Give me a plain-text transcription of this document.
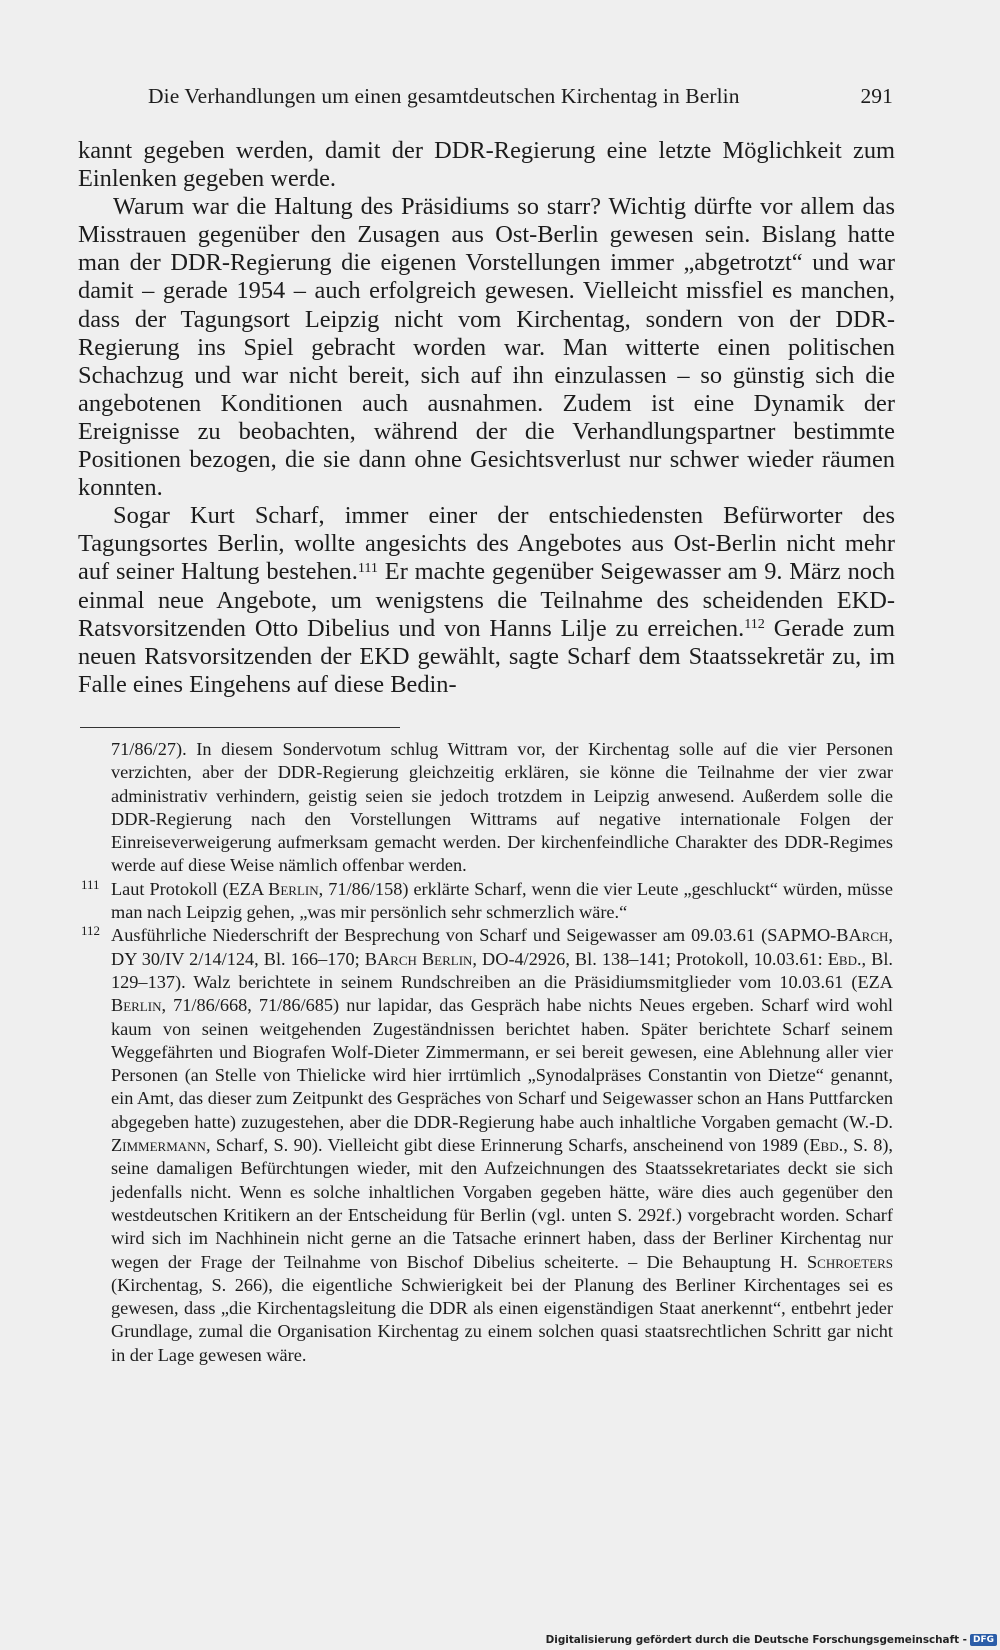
Die Verhandlungen um einen gesamtdeutschen Kirchentag in Berlin	291

kannt gegeben werden, damit der DDR-Regierung eine letzte Möglichkeit zum Einlenken gegeben werde.

Warum war die Haltung des Präsidiums so starr? Wichtig dürfte vor allem das Misstrauen gegenüber den Zusagen aus Ost-Berlin gewesen sein. Bislang hatte man der DDR-Regierung die eigenen Vorstellungen immer „abgetrotzt“ und war damit – gerade 1954 – auch erfolgreich gewesen. Vielleicht missfiel es manchen, dass der Tagungsort Leipzig nicht vom Kirchentag, sondern von der DDR-Regierung ins Spiel gebracht worden war. Man witterte einen politischen Schachzug und war nicht bereit, sich auf ihn einzulassen – so günstig sich die angebotenen Konditionen auch ausnahmen. Zudem ist eine Dynamik der Ereignisse zu beobachten, während der die Verhandlungspartner bestimmte Positionen bezogen, die sie dann ohne Gesichtsverlust nur schwer wieder räumen konnten.

Sogar Kurt Scharf, immer einer der entschiedensten Befürworter des Tagungsortes Berlin, wollte angesichts des Angebotes aus Ost-Berlin nicht mehr auf seiner Haltung bestehen.$^{111}$ Er machte gegenüber Seigewasser am 9. März noch einmal neue Angebote, um wenigstens die Teilnahme des scheidenden EKD-Ratsvorsitzenden Otto Dibelius und von Hanns Lilje zu erreichen.$^{112}$ Gerade zum neuen Ratsvorsitzenden der EKD gewählt, sagte Scharf dem Staatssekretär zu, im Falle eines Eingehens auf diese Bedin-

71/86/27). In diesem Sondervotum schlug Wittram vor, der Kirchentag solle auf die vier Personen verzichten, aber der DDR-Regierung gleichzeitig erklären, sie könne die Teilnahme der vier zwar administrativ verhindern, geistig seien sie jedoch trotzdem in Leipzig anwesend. Außerdem solle die DDR-Regierung nach den Vorstellungen Wittrams auf negative internationale Folgen der Einreiseverweigerung aufmerksam gemacht werden. Der kirchenfeindliche Charakter des DDR-Regimes werde auf diese Weise nämlich offenbar werden.

111 Laut Protokoll (EZA Berlin, 71/86/158) erklärte Scharf, wenn die vier Leute „geschluckt“ würden, müsse man nach Leipzig gehen, „was mir persönlich sehr schmerzlich wäre.“

112 Ausführliche Niederschrift der Besprechung von Scharf und Seigewasser am 09.03.61 (SAPMO-BArch, DY 30/IV 2/14/124, Bl. 166–170; BArch Berlin, DO-4/2926, Bl. 138–141; Protokoll, 10.03.61: Ebd., Bl. 129–137). Walz berichtete in seinem Rundschreiben an die Präsidiumsmitglieder vom 10.03.61 (EZA Berlin, 71/86/668, 71/86/685) nur lapidar, das Gespräch habe nichts Neues ergeben. Scharf wird wohl kaum von seinen weitgehenden Zugeständnissen berichtet haben. Später berichtete Scharf seinem Weggefährten und Biografen Wolf-Dieter Zimmermann, er sei bereit gewesen, eine Ablehnung aller vier Personen (an Stelle von Thielicke wird hier irrtümlich „Synodalpräses Constantin von Dietze“ genannt, ein Amt, das dieser zum Zeitpunkt des Gespräches von Scharf und Seigewasser schon an Hans Puttfarcken abgegeben hatte) zuzugestehen, aber die DDR-Regierung habe auch inhaltliche Vorgaben gemacht (W.-D. Zimmermann, Scharf, S. 90). Vielleicht gibt diese Erinnerung Scharfs, anscheinend von 1989 (Ebd., S. 8), seine damaligen Befürchtungen wieder, mit den Aufzeichnungen des Staatssekretariates deckt sie sich jedenfalls nicht. Wenn es solche inhaltlichen Vorgaben gegeben hätte, wäre dies auch gegenüber den westdeutschen Kritikern an der Entscheidung für Berlin (vgl. unten S. 292f.) vorgebracht worden. Scharf wird sich im Nachhinein nicht gerne an die Tatsache erinnert haben, dass der Berliner Kirchentag nur wegen der Frage der Teilnahme von Bischof Dibelius scheiterte. – Die Behauptung H. Schroeters (Kirchentag, S. 266), die eigentliche Schwierigkeit bei der Planung des Berliner Kirchentages sei es gewesen, dass „die Kirchentagsleitung die DDR als einen eigenständigen Staat anerkennt“, entbehrt jeder Grundlage, zumal die Organisation Kirchentag zu einem solchen quasi staatsrechtlichen Schritt gar nicht in der Lage gewesen wäre.

Digitalisierung gefördert durch die Deutsche Forschungsgemeinschaft - DFG
